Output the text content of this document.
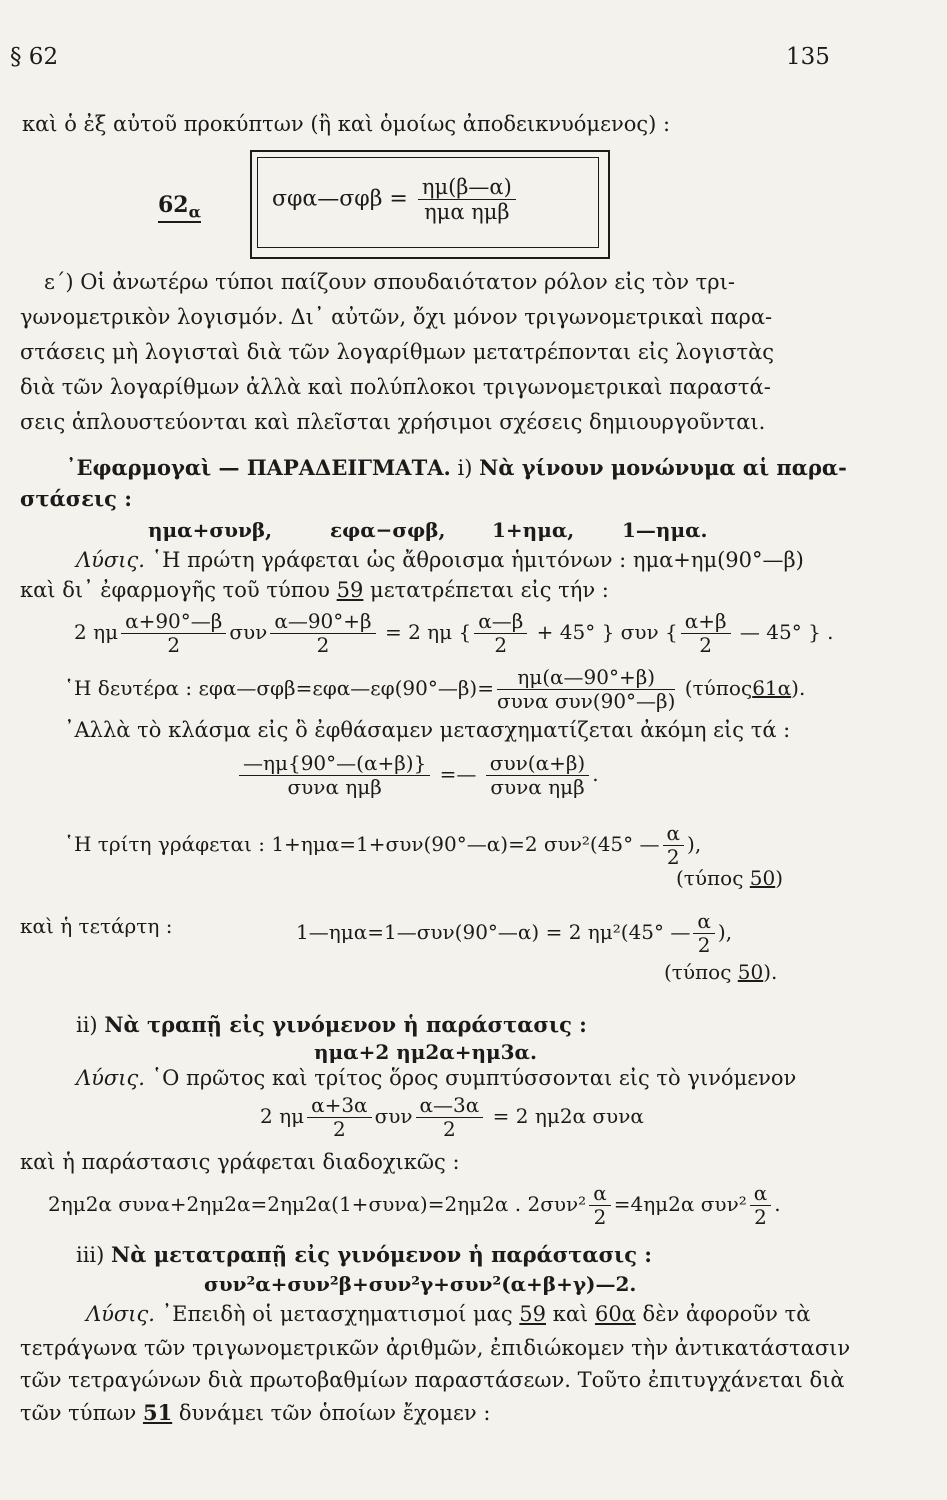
§ 62	135
καὶ ὁ ἐξ αὐτοῦ προκύπτων (ἢ καὶ ὁμοίως ἀποδεικνυόμενος) :
$62_\alpha$
σφα—σφβ = $\frac{\eta\mu(\beta—\alpha)}{\text{ημα ημβ}}$
ε΄) Οἱ ἀνωτέρω τύποι παίζουν σπουδαιότατον ρόλον εἰς τὸν τρι-
γωνομετρικὸν λογισμόν. Δι᾿ αὐτῶν, ὄχι μόνον τριγωνομετρικαὶ παρα-
στάσεις μὴ λογισταὶ διὰ τῶν λογαρίθμων μετατρέπονται εἰς λογιστὰς
διὰ τῶν λογαρίθμων ἀλλὰ καὶ πολύπλοκοι τριγωνομετρικαὶ παραστά-
σεις ἁπλουστεύονται καὶ πλεῖσται χρήσιμοι σχέσεις δημιουργοῦνται.
᾿Εφαρμογαὶ — ΠΑΡΑΔΕΙΓΜΑΤΑ. i) Νὰ γίνουν μονώνυμα αἱ παρα-
στάσεις :
ημα+συνβ,	εφα−σφβ, 1+ημα, 1—ημα.
Λύσις. ῾Η πρώτη γράφεται ὡς ἄθροισμα ἡμιτόνων : ημα+ημ(90°—β)
καὶ δι᾿ ἐφαρμογῆς τοῦ τύπου 59 μετατρέπεται εἰς τήν :
2 ημ $\frac{\alpha+90^\circ—\beta}{2}$ συν $\frac{\alpha—90^\circ+\beta}{2} = 2$ ημ { $\frac{\alpha—\beta}{2} + 45^\circ$ } συν { $\frac{\alpha+\beta}{2}$ — 45° } .
῾Η δευτέρα : εφα—σφβ=εφα—εφ(90°—β)= $\frac{\eta\mu(\alpha—90^\circ+\beta)}{\text{συνα συν(90°—β)}} (\tau ύ\pi o\varsigma 61\alpha)$.
᾿Αλλὰ τὸ κλάσμα εἰς ὃ ἐφθάσαμεν μετασχηματίζεται ἀκόμη εἰς τά :
$\frac{—\eta\mu\{90^\circ—(\alpha+\beta)\}}{\text{συνα ημβ}}$ =— $\frac{\text{συν(α+β)}}{\text{συνα ημβ}}$ .
῾Η τρίτη γράφεται : 1+ημα=1+συν(90°—α)=2 συν²(45° — $\frac{\alpha}{2}$ ),
(τύπος 50)
καὶ ἡ τετάρτη :	1—ημα=1—συν(90°—α) = 2 ημ²(45° — $\frac{\alpha}{2}$ ),
(τύπος 50).
ii) Νὰ τραπῇ εἰς γινόμενον ἡ παράστασις :
ημα+2 ημ2α+ημ3α.
Λύσις. ῾Ο πρῶτος καὶ τρίτος ὅρος συμπτύσσονται εἰς τὸ γινόμενον
2 ημ $\frac{\alpha+3\alpha}{2}$ συν $\frac{\alpha—3\alpha}{2} = 2$ ημ2α συνα
καὶ ἡ παράστασις γράφεται διαδοχικῶς :
2ημ2α συνα+2ημ2α=2ημ2α(1+συνα)=2ημ2α . $2\sigma\upsilon\nu^2 \frac{\alpha}{2} =4\eta\mu 2\alpha$ $\sigma\upsilon\nu^2 \frac{\alpha}{2}$ .
iii) Νὰ μετατραπῇ εἰς γινόμενον ἡ παράστασις :
συν²α+συν²β+συν²γ+συν²(α+β+γ)—2.
Λύσις. ᾿Επειδὴ οἱ μετασχηματισμοί μας 59 καὶ 60α δὲν ἀφοροῦν τὰ
τετράγωνα τῶν τριγωνομετρικῶν ἀριθμῶν, ἐπιδιώκομεν τὴν ἀντικατάστασιν
τῶν τετραγώνων διὰ πρωτοβαθμίων παραστάσεων. Τοῦτο ἐπιτυγχάνεται διὰ
τῶν τύπων 51 δυνάμει τῶν ὁποίων ἔχομεν :
